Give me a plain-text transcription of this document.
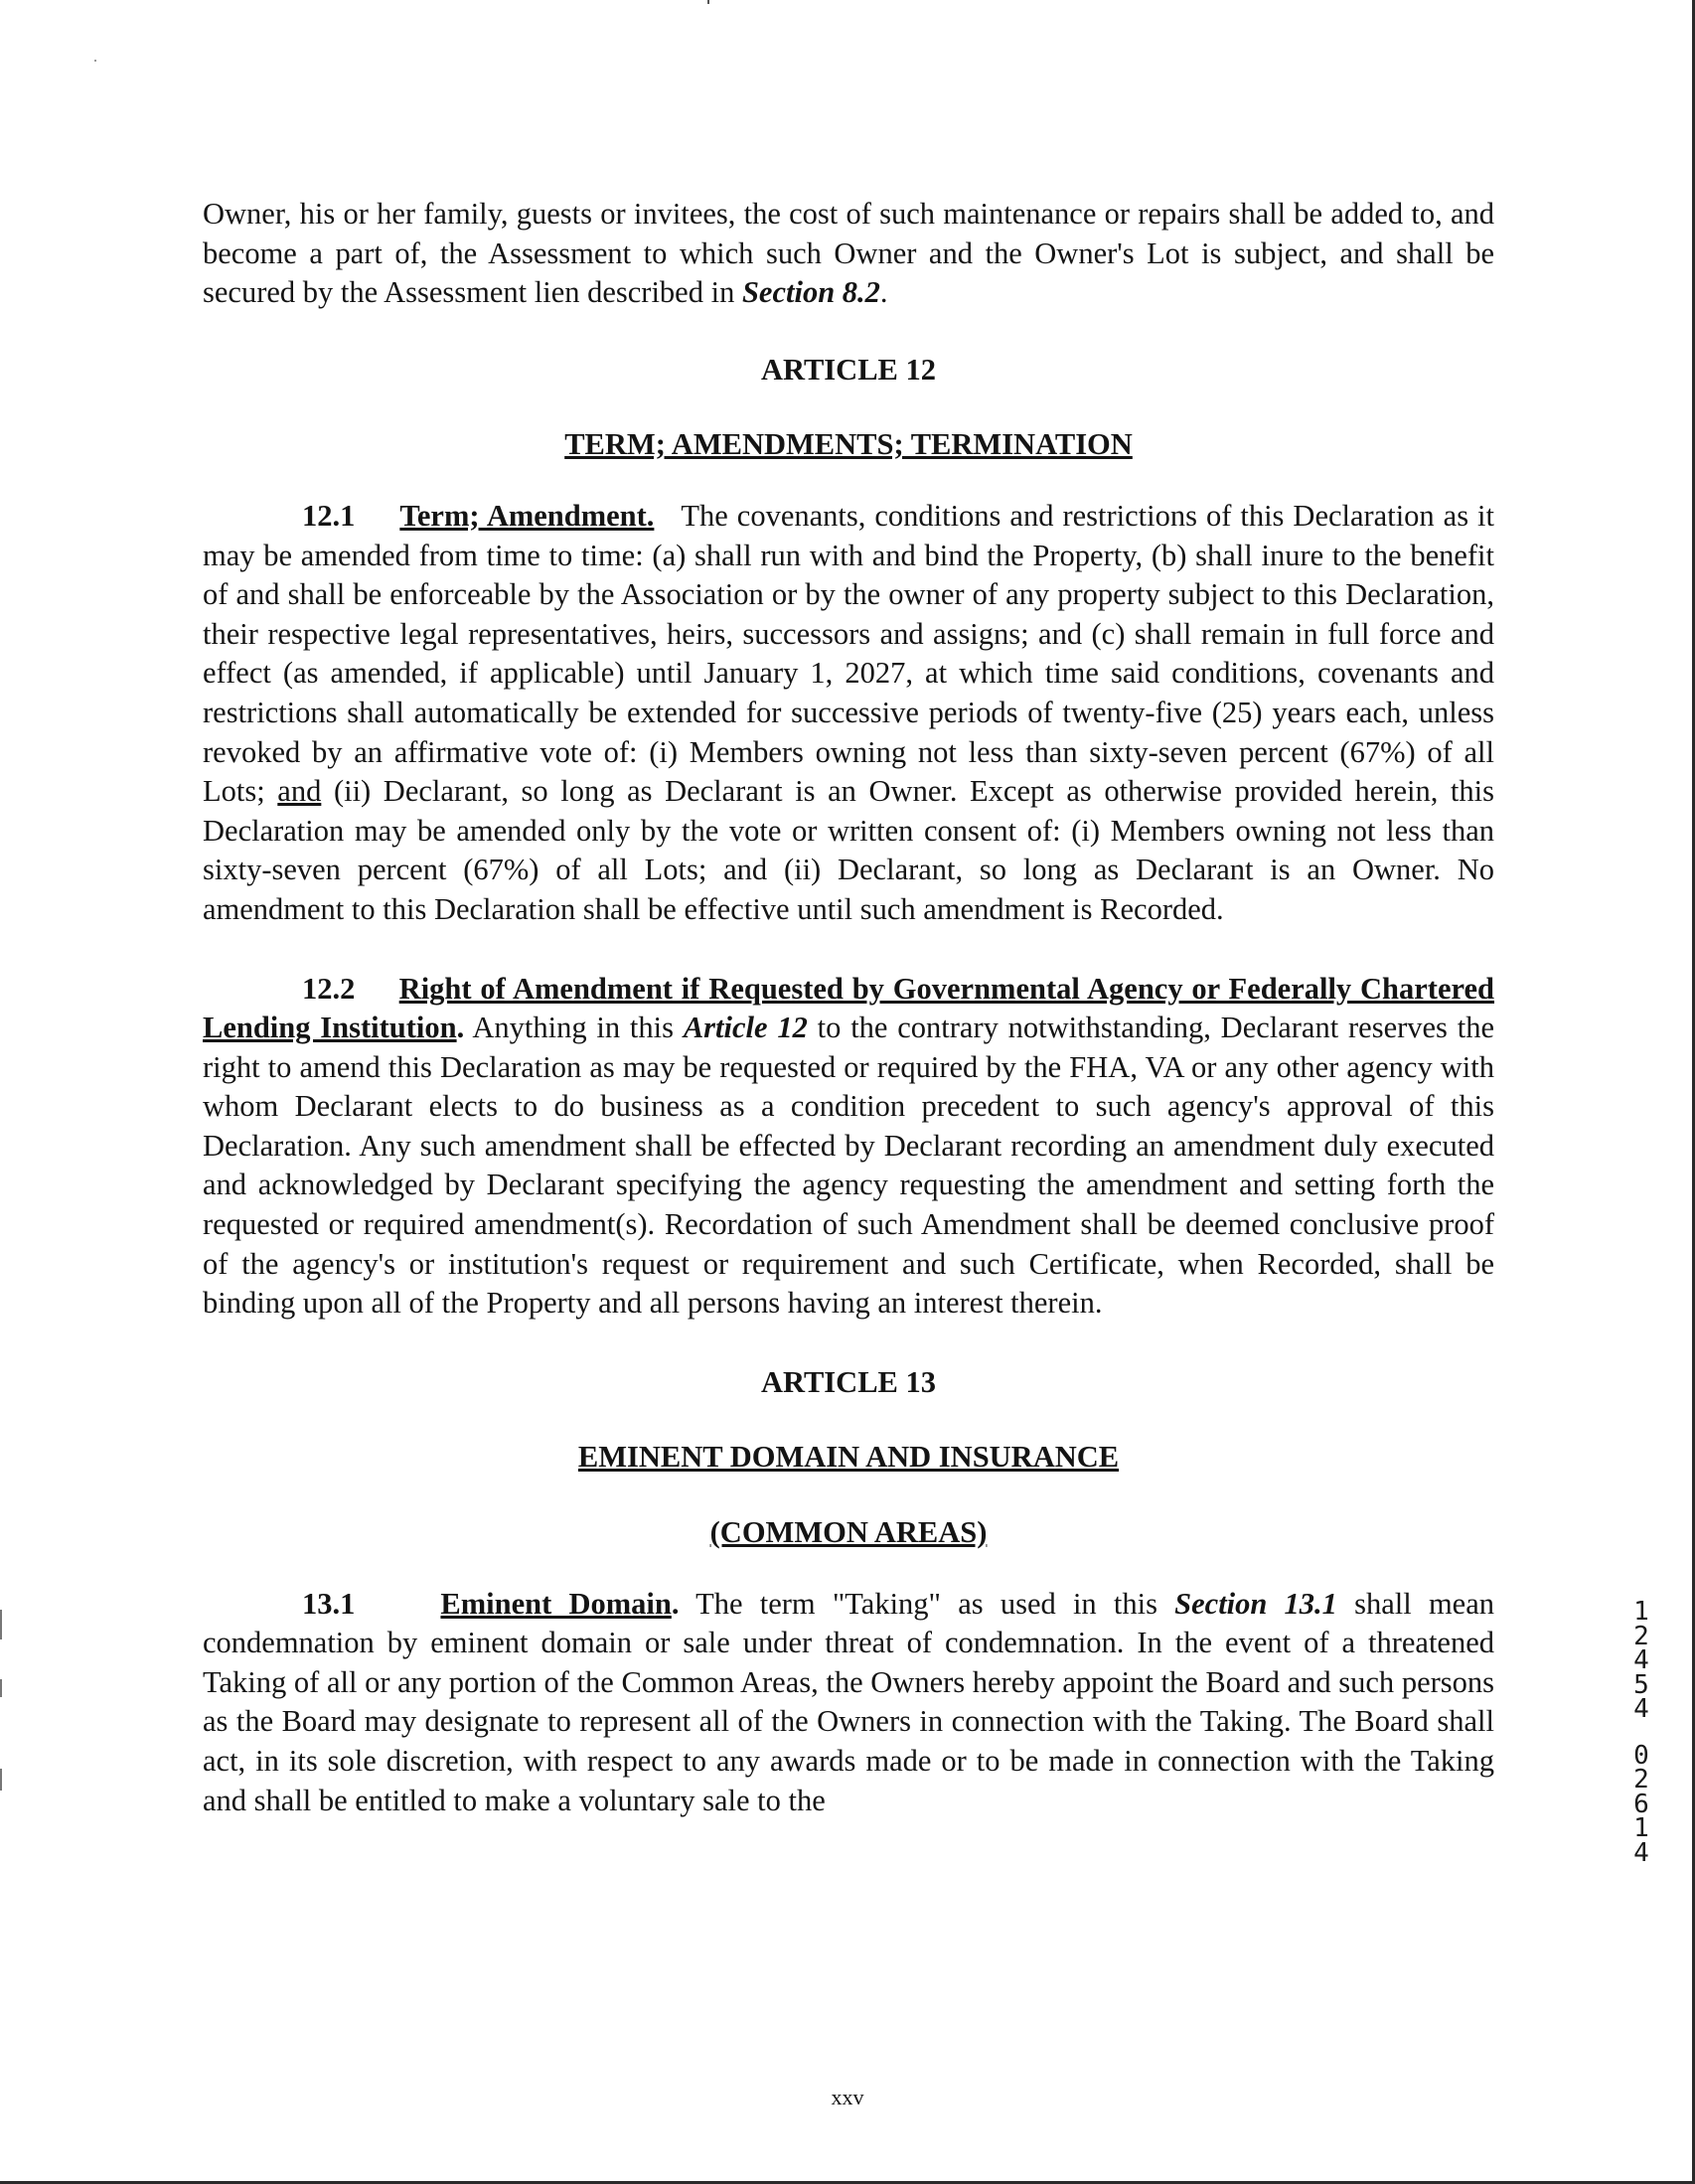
Owner, his or her family, guests or invitees, the cost of such maintenance or repairs shall be added to, and become a part of, the Assessment to which such Owner and the Owner's Lot is subject, and shall be secured by the Assessment lien described in Section 8.2.

ARTICLE 12

TERM; AMENDMENTS; TERMINATION

12.1 Term; Amendment. The covenants, conditions and restrictions of this Declaration as it may be amended from time to time: (a) shall run with and bind the Property, (b) shall inure to the benefit of and shall be enforceable by the Association or by the owner of any property subject to this Declaration, their respective legal representatives, heirs, successors and assigns; and (c) shall remain in full force and effect (as amended, if applicable) until January 1, 2027, at which time said conditions, covenants and restrictions shall automatically be extended for successive periods of twenty-five (25) years each, unless revoked by an affirmative vote of: (i) Members owning not less than sixty-seven percent (67%) of all Lots; and (ii) Declarant, so long as Declarant is an Owner. Except as otherwise provided herein, this Declaration may be amended only by the vote or written consent of: (i) Members owning not less than sixty-seven percent (67%) of all Lots; and (ii) Declarant, so long as Declarant is an Owner. No amendment to this Declaration shall be effective until such amendment is Recorded.

12.2 Right of Amendment if Requested by Governmental Agency or Federally Chartered Lending Institution. Anything in this Article 12 to the contrary notwithstanding, Declarant reserves the right to amend this Declaration as may be requested or required by the FHA, VA or any other agency with whom Declarant elects to do business as a condition precedent to such agency's approval of this Declaration. Any such amendment shall be effected by Declarant recording an amendment duly executed and acknowledged by Declarant specifying the agency requesting the amendment and setting forth the requested or required amendment(s). Recordation of such Amendment shall be deemed conclusive proof of the agency's or institution's request or requirement and such Certificate, when Recorded, shall be binding upon all of the Property and all persons having an interest therein.

ARTICLE 13

EMINENT DOMAIN AND INSURANCE

(COMMON AREAS)

13.1	Eminent Domain. The term "Taking" as used in this Section 13.1 shall mean condemnation by eminent domain or sale under threat of condemnation. In the event of a threatened Taking of all or any portion of the Common Areas, the Owners hereby appoint the Board and such persons as the Board may designate to represent all of the Owners in connection with the Taking. The Board shall act, in its sole discretion, with respect to any awards made or to be made in connection with the Taking and shall be entitled to make a voluntary sale to the

1
2
4
5
4
0
2
6
1
4
xxv
